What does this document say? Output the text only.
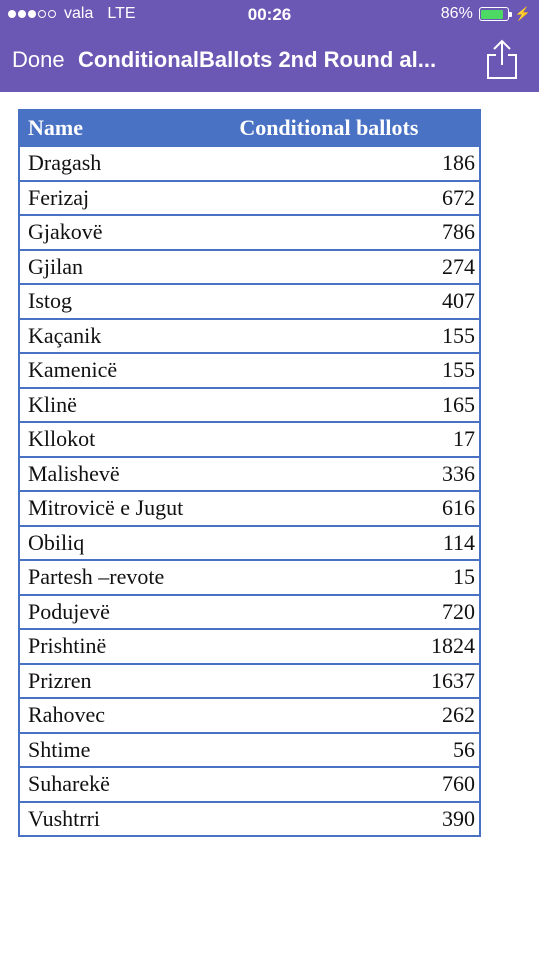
vala LTE	00:26	86%	⚡
Done ConditionalBallots 2nd Round al...
Name	Conditional ballots
Dragash	186
Ferizaj	672
Gjakovë	786
Gjilan	274
Istog	407
Kaçanik	155
Kamenicë	155
Klinë	165
Kllokot	17
Malishevë	336
Mitrovicë e Jugut	616
Obiliq	114
Partesh –revote	15
Podujevë	720
Prishtinë	1824
Prizren	1637
Rahovec	262
Shtime	56
Suharekë	760
Vushtrri	390
